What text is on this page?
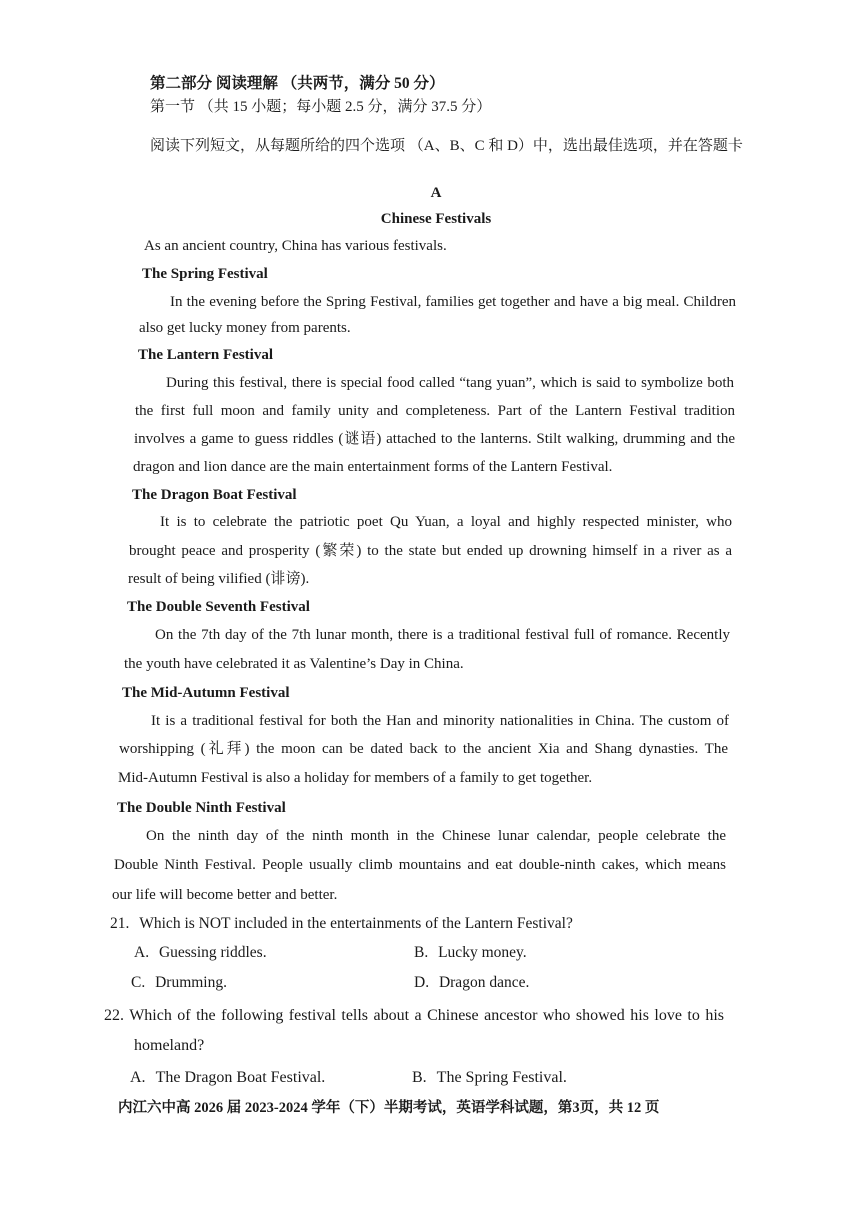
第二部分 阅读理解 （共两节，满分 50 分）
第一节 （共 15 小题；每小题 2.5 分，满分 37.5 分）
阅读下列短文，从每题所给的四个选项 （A、B、C 和 D）中，选出最佳选项，并在答题卡
A
Chinese Festivals
As an ancient country, China has various festivals.
The Spring Festival
In the evening before the Spring Festival, families get together and have a big meal. Children
also get lucky money from parents.
The Lantern Festival
During this festival, there is special food called “tang yuan”, which is said to symbolize both
the first full moon and family unity and completeness. Part of the Lantern Festival tradition
involves a game to guess riddles (谜语) attached to the lanterns. Stilt walking, drumming and the
dragon and lion dance are the main entertainment forms of the Lantern Festival.
The Dragon Boat Festival
It is to celebrate the patriotic poet Qu Yuan, a loyal and highly respected minister, who
brought peace and prosperity (繁荣) to the state but ended up drowning himself in a river as a
result of being vilified (诽谤).
The Double Seventh Festival
On the 7th day of the 7th lunar month, there is a traditional festival full of romance. Recently
the youth have celebrated it as Valentine’s Day in China.
The Mid-Autumn Festival
It is a traditional festival for both the Han and minority nationalities in China. The custom of
worshipping (礼拜) the moon can be dated back to the ancient Xia and Shang dynasties. The
Mid-Autumn Festival is also a holiday for members of a family to get together.
The Double Ninth Festival
On the ninth day of the ninth month in the Chinese lunar calendar, people celebrate the
Double Ninth Festival. People usually climb mountains and eat double-ninth cakes, which means
our life will become better and better.
21. Which is NOT included in the entertainments of the Lantern Festival?
A. Guessing riddles.	B. Lucky money.
C. Drumming.	D. Dragon dance.
22. Which of the following festival tells about a Chinese ancestor who showed his love to his
homeland?
A. The Dragon Boat Festival.	B. The Spring Festival.
内江六中高 2026 届 2023-2024 学年（下）半期考试，英语学科试题，第3页，共 12 页
